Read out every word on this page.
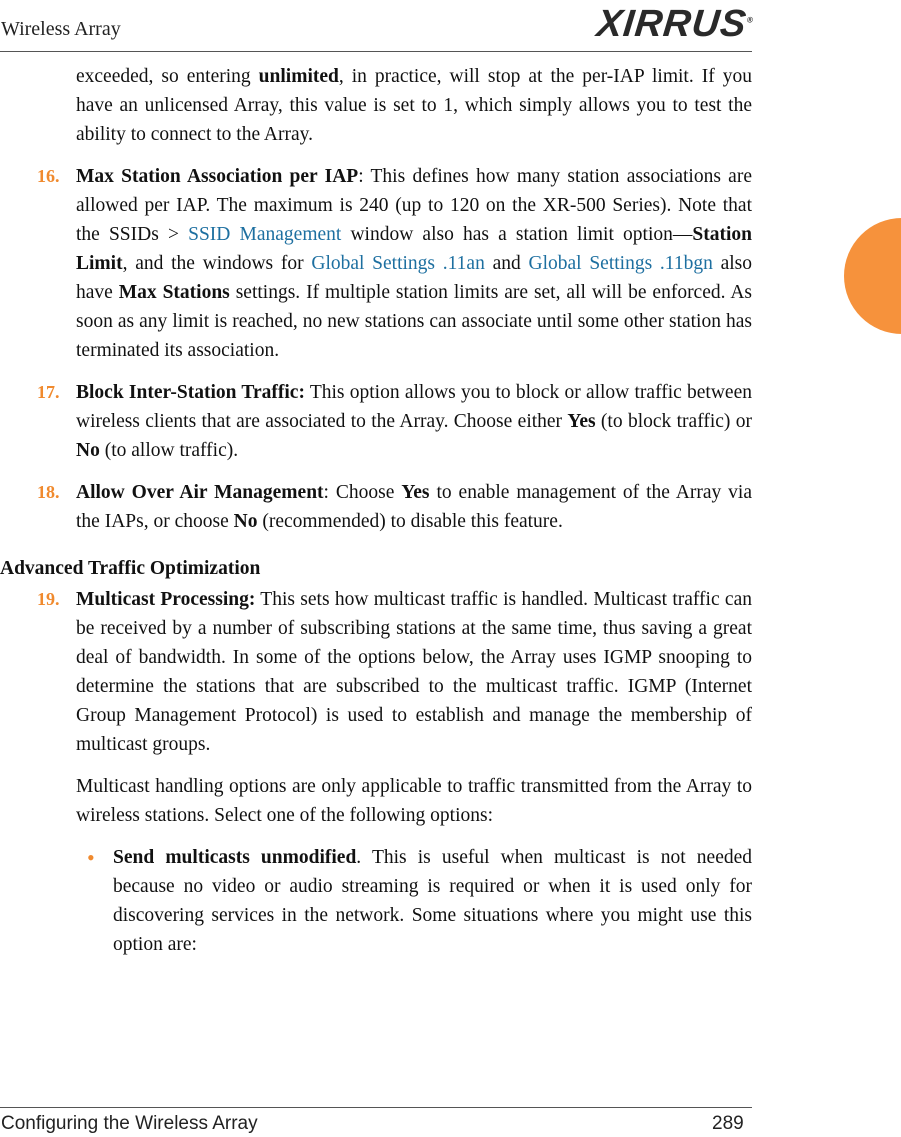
Wireless Array	XIRRUS®

exceeded, so entering unlimited, in practice, will stop at the per-IAP limit. If you have an unlicensed Array, this value is set to 1, which simply allows you to test the ability to connect to the Array.

16. Max Station Association per IAP: This defines how many station associations are allowed per IAP. The maximum is 240 (up to 120 on the XR-500 Series). Note that the SSIDs > SSID Management window also has a station limit option—Station Limit, and the windows for Global Settings .11an and Global Settings .11bgn also have Max Stations settings. If multiple station limits are set, all will be enforced. As soon as any limit is reached, no new stations can associate until some other station has terminated its association.

17. Block Inter-Station Traffic: This option allows you to block or allow traffic between wireless clients that are associated to the Array. Choose either Yes (to block traffic) or No (to allow traffic).

18. Allow Over Air Management: Choose Yes to enable management of the Array via the IAPs, or choose No (recommended) to disable this feature.

Advanced Traffic Optimization

19. Multicast Processing: This sets how multicast traffic is handled. Multicast traffic can be received by a number of subscribing stations at the same time, thus saving a great deal of bandwidth. In some of the options below, the Array uses IGMP snooping to determine the stations that are subscribed to the multicast traffic. IGMP (Internet Group Management Protocol) is used to establish and manage the membership of multicast groups.

Multicast handling options are only applicable to traffic transmitted from the Array to wireless stations. Select one of the following options:

• Send multicasts unmodified. This is useful when multicast is not needed because no video or audio streaming is required or when it is used only for discovering services in the network. Some situations where you might use this option are:

Configuring the Wireless Array	289
